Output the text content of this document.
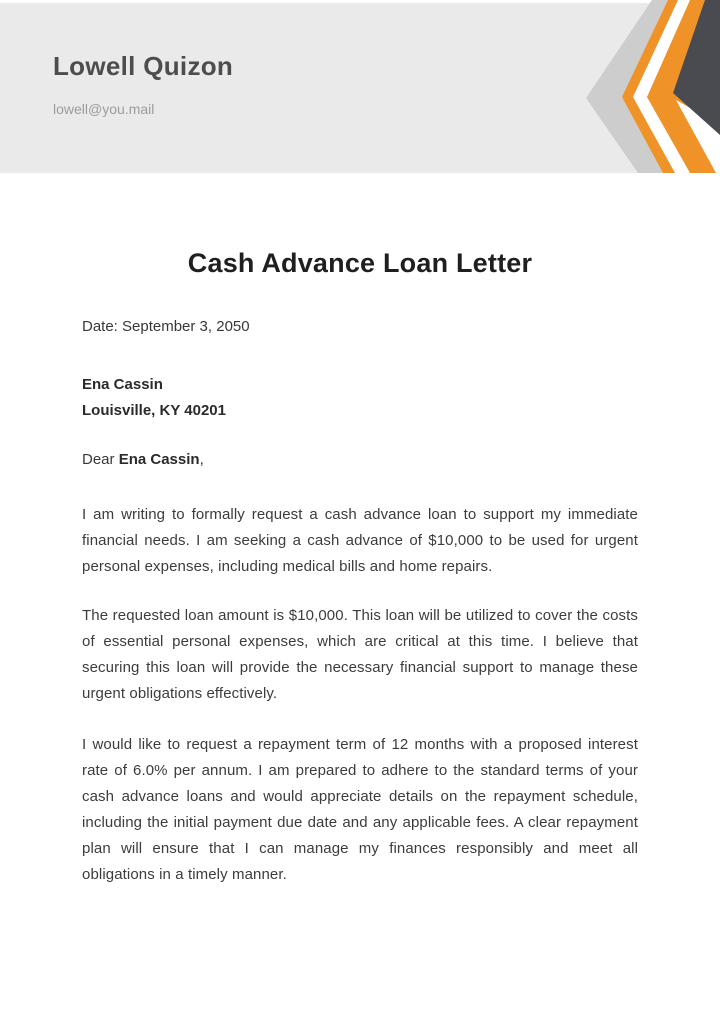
Lowell Quizon
lowell@you.mail
Cash Advance Loan Letter
Date: September 3, 2050
Ena Cassin
Louisville, KY 40201
Dear Ena Cassin,

I am writing to formally request a cash advance loan to support my immediate financial needs. I am seeking a cash advance of $10,000 to be used for urgent personal expenses, including medical bills and home repairs.

The requested loan amount is $10,000. This loan will be utilized to cover the costs of essential personal expenses, which are critical at this time. I believe that securing this loan will provide the necessary financial support to manage these urgent obligations effectively.

I would like to request a repayment term of 12 months with a proposed interest rate of 6.0% per annum. I am prepared to adhere to the standard terms of your cash advance loans and would appreciate details on the repayment schedule, including the initial payment due date and any applicable fees. A clear repayment plan will ensure that I can manage my finances responsibly and meet all obligations in a timely manner.
